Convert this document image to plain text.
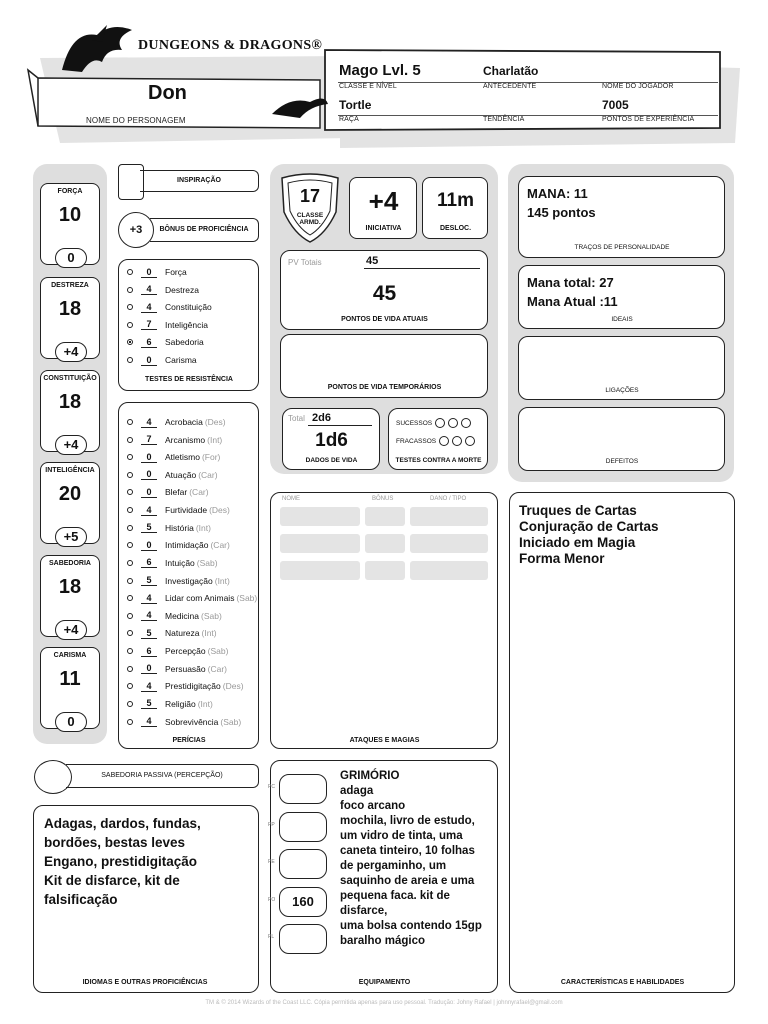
DUNGEONS & DRAGONS®
Don
NOME DO PERSONAGEM
Mago Lvl. 5
CLASSE E NÍVEL
Charlatão
ANTECEDENTE	NOME DO JOGADOR
Tortle
RAÇA	TENDÊNCIA
7005
PONTOS DE EXPERIÊNCIA
FORÇA
10
0
DESTREZA
18
+4
CONSTITUIÇÃO
18
+4
INTELIGÊNCIA
20
+5
SABEDORIA
18
+4
CARISMA
11
0
INSPIRAÇÃO
+3	BÔNUS DE PROFICIÊNCIA
0	Força
4	Destreza
4	Constituição
7	Inteligência
6	Sabedoria
0	Carisma
TESTES DE RESISTÊNCIA
4	Acrobacia (Des)
7	Arcanismo (Int)
0	Atletismo (For)
0	Atuação (Car)
0	Blefar (Car)
4	Furtividade (Des)
5	História (Int)
0	Intimidação (Car)
6	Intuição (Sab)
5	Investigação (Int)
4	Lidar com Animais (Sab)
4	Medicina (Sab)
5	Natureza (Int)
6	Percepção (Sab)
0	Persuasão (Car)
4	Prestidigitação (Des)
5	Religião (Int)
4	Sobrevivência (Sab)
PERÍCIAS
SABEDORIA PASSIVA (PERCEPÇÃO)
Adagas, dardos, fundas, bordões, bestas leves
Engano, prestidigitação
Kit de disfarce, kit de falsificação
IDIOMAS E OUTRAS PROFICIÊNCIAS
17
CLASSE ARMD.
+4
INICIATIVA
11m
DESLOC.
PV Totais	45
45
PONTOS DE VIDA ATUAIS
PONTOS DE VIDA TEMPORÁRIOS
Total 2d6
1d6
DADOS DE VIDA
SUCESSOS
FRACASSOS
TESTES CONTRA A MORTE
NOME	BÔNUS	DANO / TIPO
ATAQUES E MAGIAS
PC
PP
PE
160
PO
PL
GRIMÓRIO
adaga
foco arcano
mochila, livro de estudo, um vidro de tinta, uma caneta tinteiro, 10 folhas de pergaminho, um saquinho de areia e uma pequena faca. kit de disfarce,
uma bolsa contendo 15gp
baralho mágico
EQUIPAMENTO
MANA: 11
145 pontos
TRAÇOS DE PERSONALIDADE
Mana total: 27
Mana Atual :11
IDEAIS
LIGAÇÕES
DEFEITOS
Truques de Cartas
Conjuração de Cartas
Iniciado em Magia
Forma Menor
CARACTERÍSTICAS E HABILIDADES
TM & © 2014 Wizards of the Coast LLC. Cópia permitida apenas para uso pessoal. Tradução: Johny Rafael | johnnyrafael@gmail.com
